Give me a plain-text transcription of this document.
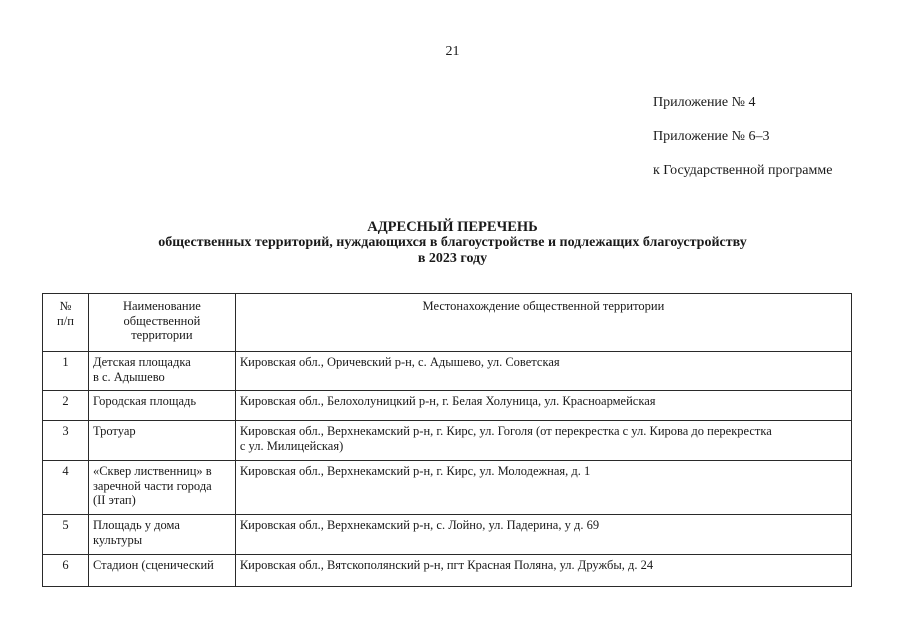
21
Приложение № 4
Приложение № 6–3
к Государственной программе
АДРЕСНЫЙ ПЕРЕЧЕНЬ
общественных территорий, нуждающихся в благоустройстве и подлежащих благоустройству
в 2023 году
№
п/п	Наименование
общественной
территории	Местонахождение общественной территории

1	Детская площадка
в с. Адышево	Кировская обл., Оричевский р-н, с. Адышево, ул. Советская
2	Городская площадь	Кировская обл., Белохолуницкий р-н, г. Белая Холуница, ул. Красноармейская
3	Тротуар	Кировская обл., Верхнекамский р-н, г. Кирс, ул. Гоголя (от перекрестка с ул. Кирова до перекрестка
с ул. Милицейская)
4	«Сквер лиственниц» в
заречной части города
(II этап)	Кировская обл., Верхнекамский р-н, г. Кирс, ул. Молодежная, д. 1
5	Площадь у дома
культуры	Кировская обл., Верхнекамский р-н, с. Лойно, ул. Падерина, у д. 69
6	Стадион (сценический	Кировская обл., Вятскополянский р-н, пгт Красная Поляна, ул. Дружбы, д. 24
